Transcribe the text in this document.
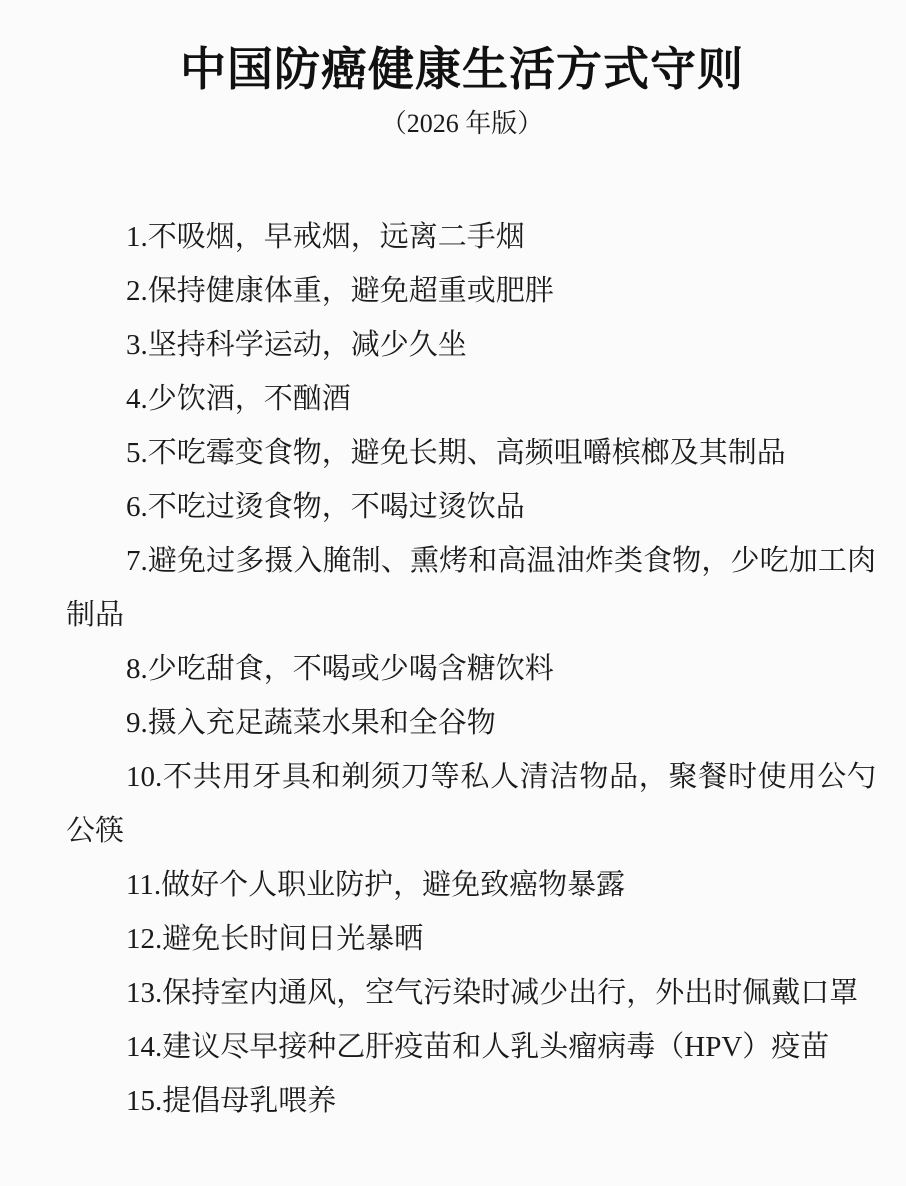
中国防癌健康生活方式守则
（2026 年版）

1.不吸烟，早戒烟，远离二手烟

2.保持健康体重，避免超重或肥胖

3.坚持科学运动，减少久坐

4.少饮酒，不酗酒

5.不吃霉变食物，避免长期、高频咀嚼槟榔及其制品

6.不吃过烫食物，不喝过烫饮品

7.避免过多摄入腌制、熏烤和高温油炸类食物，少吃加工肉制品

8.少吃甜食，不喝或少喝含糖饮料

9.摄入充足蔬菜水果和全谷物

10.不共用牙具和剃须刀等私人清洁物品，聚餐时使用公勺公筷

11.做好个人职业防护，避免致癌物暴露

12.避免长时间日光暴晒

13.保持室内通风，空气污染时减少出行，外出时佩戴口罩

14.建议尽早接种乙肝疫苗和人乳头瘤病毒（HPV）疫苗

15.提倡母乳喂养
